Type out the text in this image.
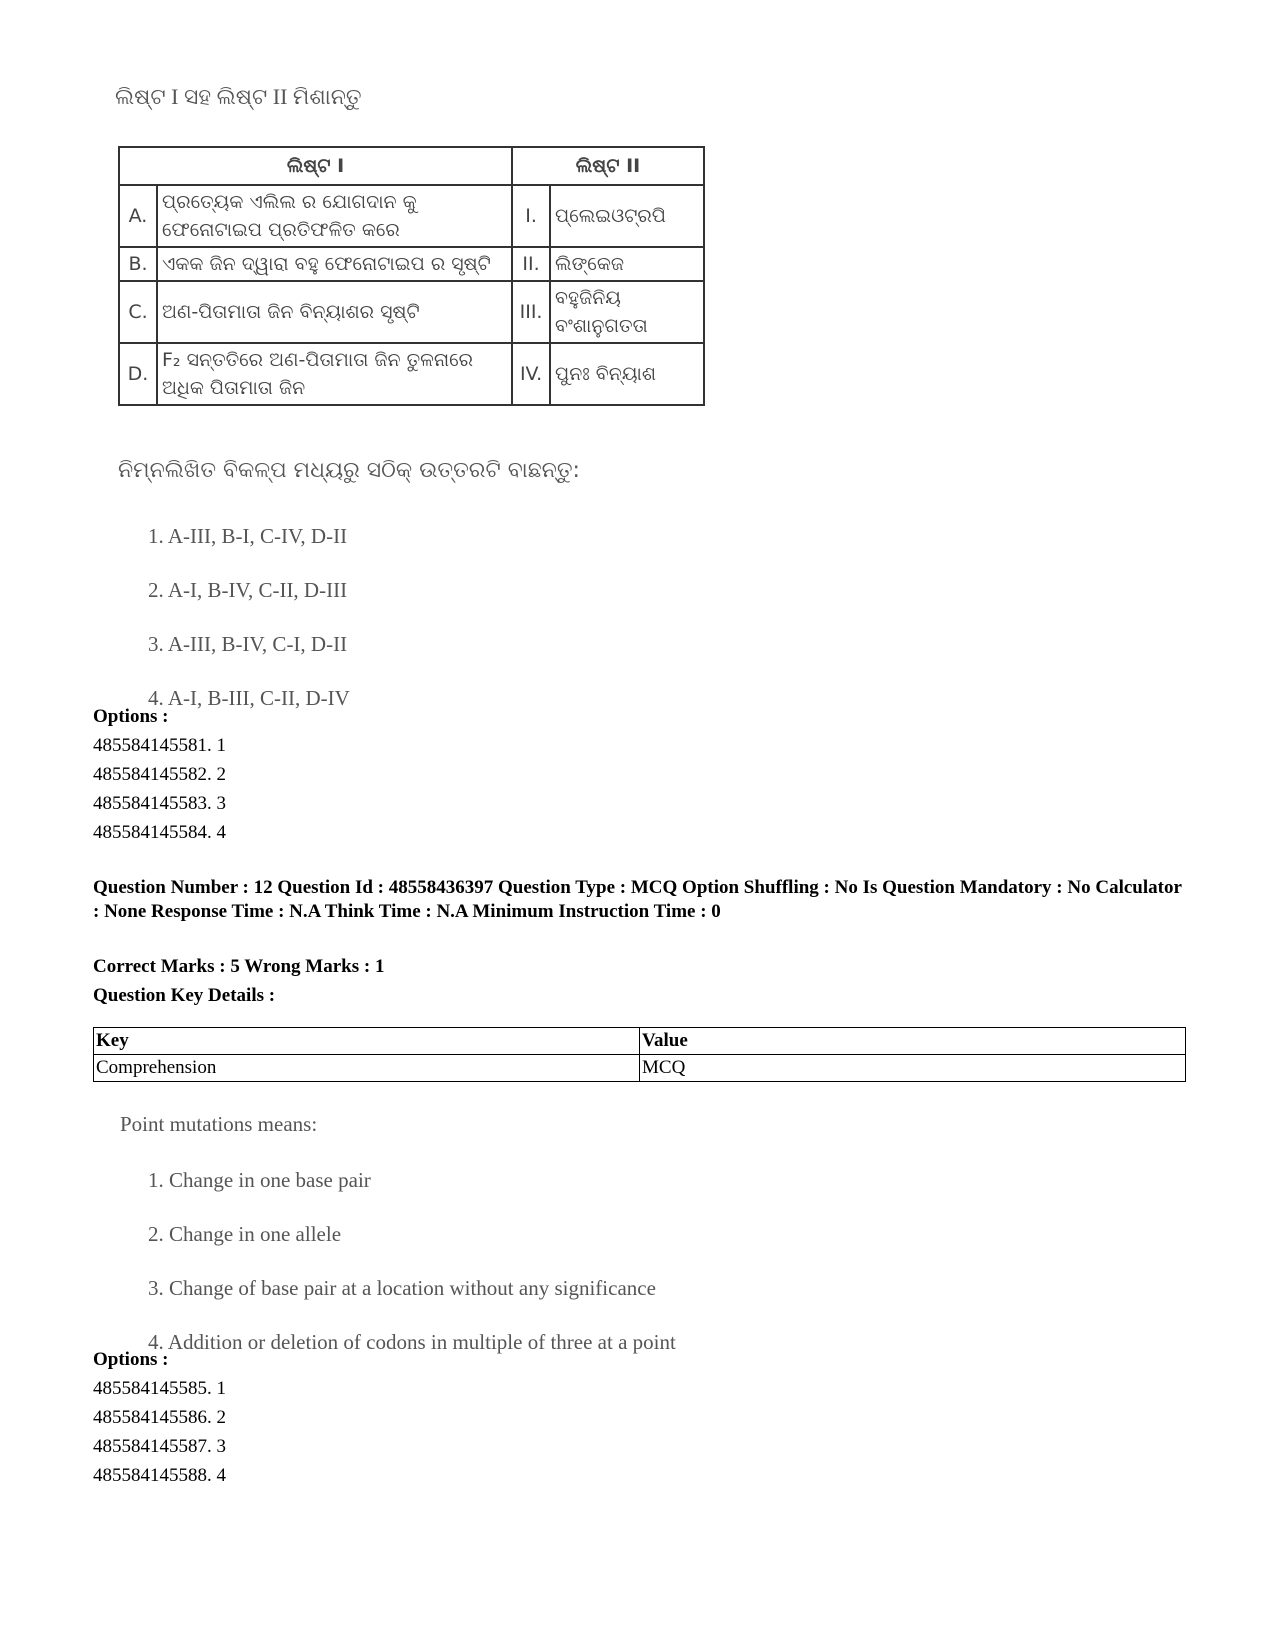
ଲିଷ୍ଟ I ସହ ଲିଷ୍ଟ II ମିଶାନ୍ତୁ
ଲିଷ୍ଟ I		ଲିଷ୍ଟ II	
A.	ପ୍ରତ୍ୟେକ ଏଲିଲ ର ଯୋଗଦାନ କୁ ଫେନୋଟାଇପ ପ୍ରତିଫଳିତ କରେ	I.	ପ୍ଲେଇଓଟ୍ରପି
B.	ଏକକ ଜିନ ଦ୍ୱାରା ବହୁ ଫେନୋଟାଇପ ର ସୃଷ୍ଟି	II.	ଲିଙ୍କେଜ
C.	ଅଣ-ପିତାମାତା ଜିନ ବିନ୍ୟାଶର ସୃଷ୍ଟି	III.	ବହୁଜିନିୟ ବଂଶାନୁଗତତା
D.	F₂ ସନ୍ତତିରେ ଅଣ-ପିତାମାତା ଜିନ ତୁଳନାରେ ଅଧିକ ପିତାମାତା ଜିନ	IV.	ପୁନଃ ବିନ୍ୟାଶ
ନିମ୍ନଲିଖିତ ବିକଳ୍ପ ମଧ୍ୟରୁ ସଠିକ୍ ଉତ୍ତରଟି ବାଛନ୍ତୁ:
1. A-III, B-I, C-IV, D-II
2. A-I, B-IV, C-II, D-III
3. A-III, B-IV, C-I, D-II
4. A-I, B-III, C-II, D-IV
Options :
485584145581. 1
485584145582. 2
485584145583. 3
485584145584. 4
Question Number : 12 Question Id : 48558436397 Question Type : MCQ Option Shuffling : No Is Question Mandatory : No Calculator : None Response Time : N.A Think Time : N.A Minimum Instruction Time : 0
Correct Marks : 5 Wrong Marks : 1
Question Key Details :
Key	Value
Comprehension	MCQ
Point mutations means:
1. Change in one base pair
2. Change in one allele
3. Change of base pair at a location without any significance
4. Addition or deletion of codons in multiple of three at a point
Options :
485584145585. 1
485584145586. 2
485584145587. 3
485584145588. 4
